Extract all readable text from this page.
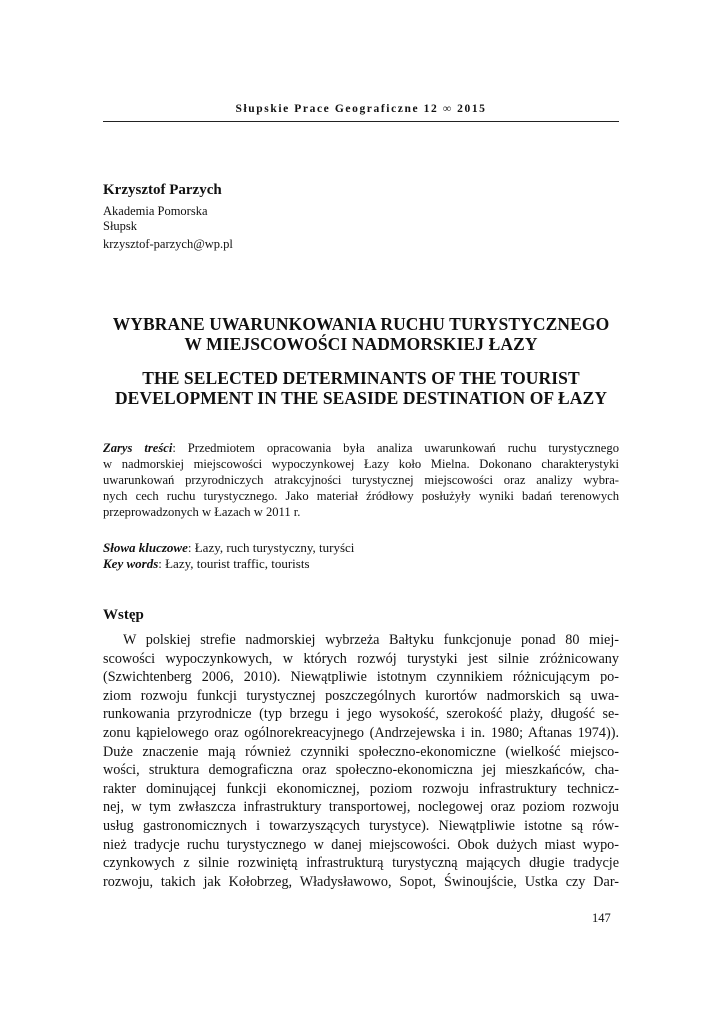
Słupskie Prace Geograficzne 12 ∞ 2015
Krzysztof Parzych
Akademia Pomorska
Słupsk
krzysztof-parzych@wp.pl
WYBRANE UWARUNKOWANIA RUCHU TURYSTYCZNEGO
W MIEJSCOWOŚCI NADMORSKIEJ ŁAZY
THE SELECTED DETERMINANTS OF THE TOURIST
DEVELOPMENT IN THE SEASIDE DESTINATION OF ŁAZY
Zarys treści: Przedmiotem opracowania była analiza uwarunkowań ruchu turystycznego
w nadmorskiej miejscowości wypoczynkowej Łazy koło Mielna. Dokonano charakterystyki
uwarunkowań przyrodniczych atrakcyjności turystycznej miejscowości oraz analizy wybra-
nych cech ruchu turystycznego. Jako materiał źródłowy posłużyły wyniki badań terenowych
przeprowadzonych w Łazach w 2011 r.
Słowa kluczowe: Łazy, ruch turystyczny, turyści
Key words: Łazy, tourist traffic, tourists
Wstęp
W polskiej strefie nadmorskiej wybrzeża Bałtyku funkcjonuje ponad 80 miej-
scowości wypoczynkowych, w których rozwój turystyki jest silnie zróżnicowany
(Szwichtenberg 2006, 2010). Niewątpliwie istotnym czynnikiem różnicującym po-
ziom rozwoju funkcji turystycznej poszczególnych kurortów nadmorskich są uwa-
runkowania przyrodnicze (typ brzegu i jego wysokość, szerokość plaży, długość se-
zonu kąpielowego oraz ogólnorekreacyjnego (Andrzejewska i in. 1980; Aftanas 1974)).
Duże znaczenie mają również czynniki społeczno-ekonomiczne (wielkość miejsco-
wości, struktura demograficzna oraz społeczno-ekonomiczna jej mieszkańców, cha-
rakter dominującej funkcji ekonomicznej, poziom rozwoju infrastruktury technicz-
nej, w tym zwłaszcza infrastruktury transportowej, noclegowej oraz poziom rozwoju
usług gastronomicznych i towarzyszących turystyce). Niewątpliwie istotne są rów-
nież tradycje ruchu turystycznego w danej miejscowości. Obok dużych miast wypo-
czynkowych z silnie rozwiniętą infrastrukturą turystyczną mających długie tradycje
rozwoju, takich jak Kołobrzeg, Władysławowo, Sopot, Świnoujście, Ustka czy Dar-
147
